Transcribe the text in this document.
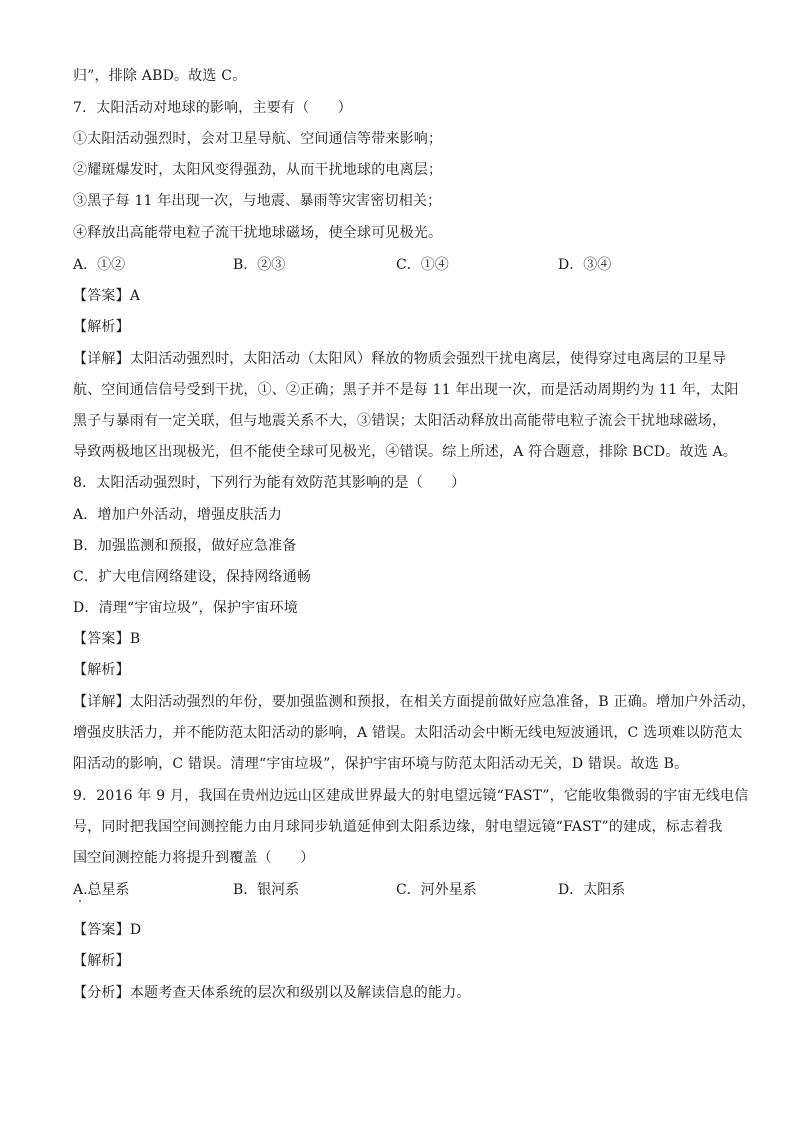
归”，排除 ABD。故选 C。
7．太阳活动对地球的影响，主要有（　　）
①太阳活动强烈时，会对卫星导航、空间通信等带来影响；
②耀斑爆发时，太阳风变得强劲，从而干扰地球的电离层；
③黑子每 11 年出现一次，与地震、暴雨等灾害密切相关；
④释放出高能带电粒子流干扰地球磁场，使全球可见极光。
A．①②	B．②③	C．①④	D．③④
【答案】A
【解析】
【详解】太阳活动强烈时，太阳活动（太阳风）释放的物质会强烈干扰电离层，使得穿过电离层的卫星导
航、空间通信信号受到干扰，①、②正确；黑子并不是每 11 年出现一次，而是活动周期约为 11 年，太阳
黑子与暴雨有一定关联，但与地震关系不大，③错误；太阳活动释放出高能带电粒子流会干扰地球磁场，
导致两极地区出现极光，但不能使全球可见极光，④错误。综上所述，A 符合题意，排除 BCD。故选 A。
8．太阳活动强烈时，下列行为能有效防范其影响的是（　　）
A．增加户外活动，增强皮肤活力
B．加强监测和预报，做好应急准备
C．扩大电信网络建设，保持网络通畅
D．清理“宇宙垃圾”，保护宇宙环境
【答案】B
【解析】
【详解】太阳活动强烈的年份，要加强监测和预报，在相关方面提前做好应急准备，B 正确。增加户外活动，
增强皮肤活力，并不能防范太阳活动的影响，A 错误。太阳活动会中断无线电短波通讯，C 选项难以防范太
阳活动的影响，C 错误。清理“宇宙垃圾”，保护宇宙环境与防范太阳活动无关，D 错误。故选 B。
9．2016 年 9 月，我国在贵州边远山区建成世界最大的射电望远镜“FAST”，它能收集微弱的宇宙无线电信
号，同时把我国空间测控能力由月球同步轨道延伸到太阳系边缘，射电望远镜“FAST”的建成，标志着我
国空间测控能力将提升到覆盖（　　）
A.总星系	B．银河系	C．河外星系	D．太阳系
【答案】D
【解析】
【分析】本题考查天体系统的层次和级别以及解读信息的能力。
